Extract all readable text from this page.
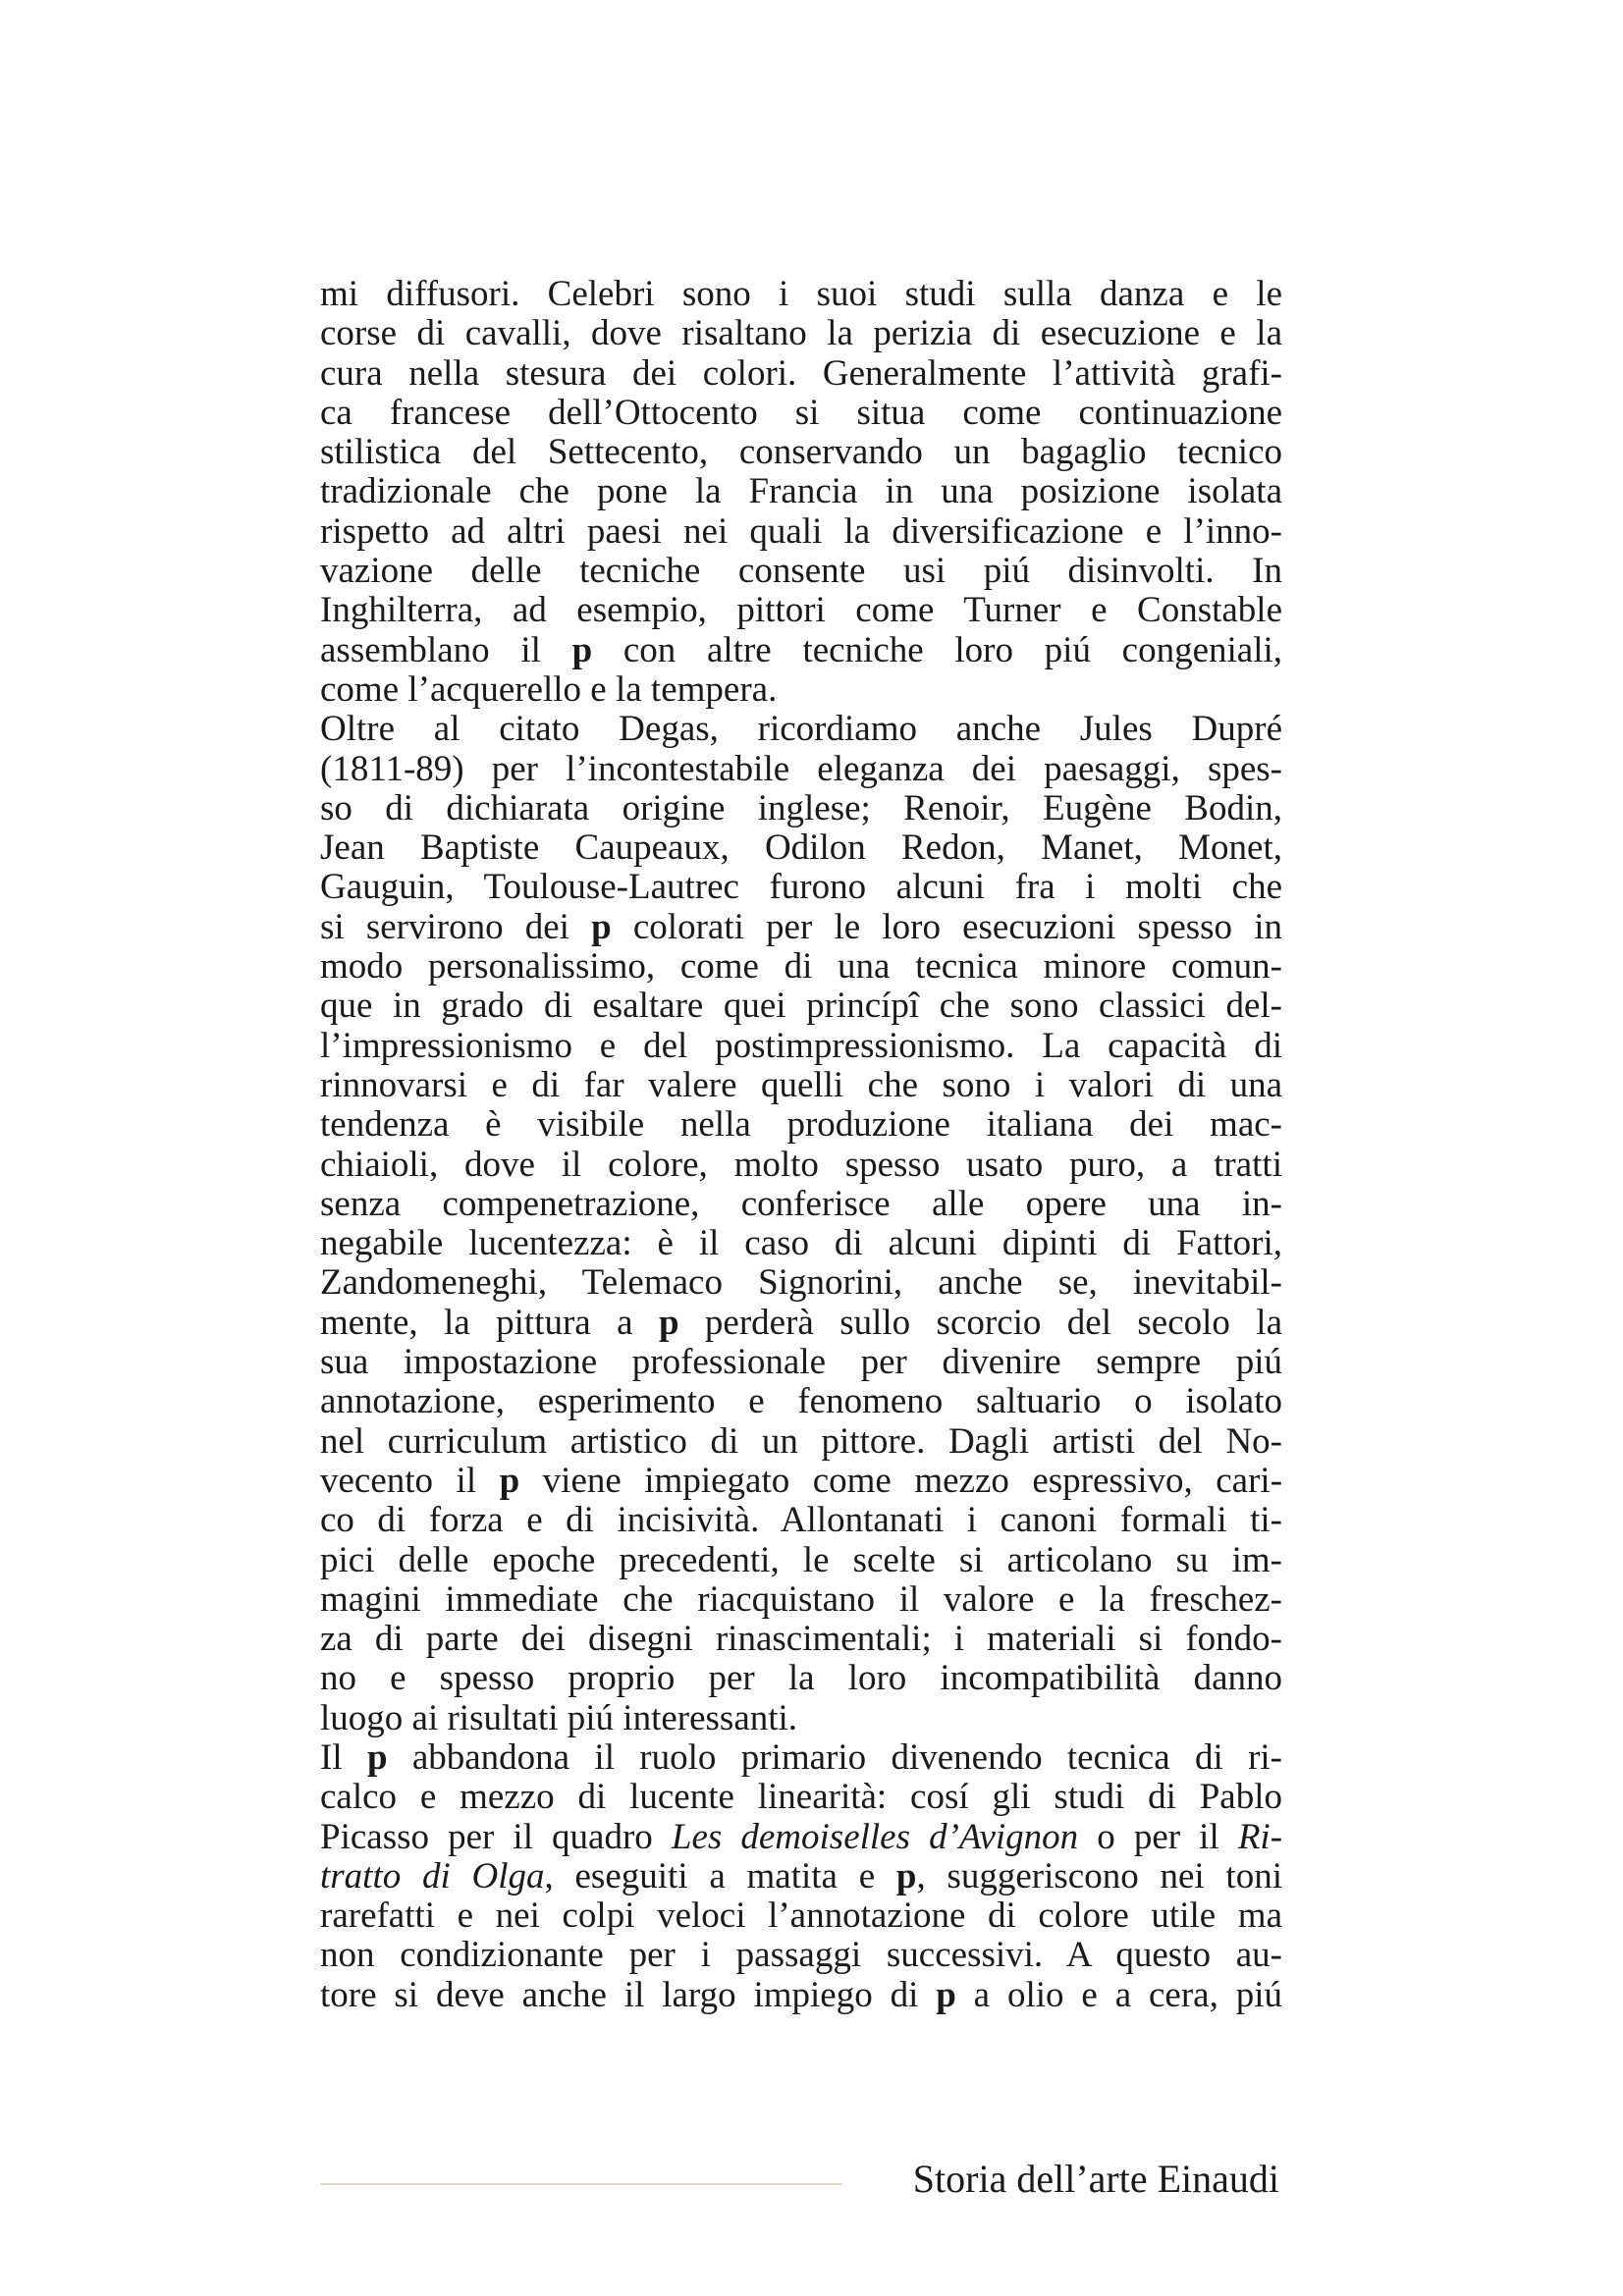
mi diffusori. Celebri sono i suoi studi sulla danza e le
corse di cavalli, dove risaltano la perizia di esecuzione e la
cura nella stesura dei colori. Generalmente l’attività grafi-
ca francese dell’Ottocento si situa come continuazione
stilistica del Settecento, conservando un bagaglio tecnico
tradizionale che pone la Francia in una posizione isolata
rispetto ad altri paesi nei quali la diversificazione e l’inno-
vazione delle tecniche consente usi piú disinvolti. In
Inghilterra, ad esempio, pittori come Turner e Constable
assemblano il p con altre tecniche loro piú congeniali,
come l’acquerello e la tempera.
Oltre al citato Degas, ricordiamo anche Jules Dupré
(1811-89) per l’incontestabile eleganza dei paesaggi, spes-
so di dichiarata origine inglese; Renoir, Eugène Bodin,
Jean Baptiste Caupeaux, Odilon Redon, Manet, Monet,
Gauguin, Toulouse-Lautrec furono alcuni fra i molti che
si servirono dei p colorati per le loro esecuzioni spesso in
modo personalissimo, come di una tecnica minore comun-
que in grado di esaltare quei princípî che sono classici del-
l’impressionismo e del postimpressionismo. La capacità di
rinnovarsi e di far valere quelli che sono i valori di una
tendenza è visibile nella produzione italiana dei mac-
chiaioli, dove il colore, molto spesso usato puro, a tratti
senza compenetrazione, conferisce alle opere una in-
negabile lucentezza: è il caso di alcuni dipinti di Fattori,
Zandomeneghi, Telemaco Signorini, anche se, inevitabil-
mente, la pittura a p perderà sullo scorcio del secolo la
sua impostazione professionale per divenire sempre piú
annotazione, esperimento e fenomeno saltuario o isolato
nel curriculum artistico di un pittore. Dagli artisti del No-
vecento il p viene impiegato come mezzo espressivo, cari-
co di forza e di incisività. Allontanati i canoni formali ti-
pici delle epoche precedenti, le scelte si articolano su im-
magini immediate che riacquistano il valore e la freschez-
za di parte dei disegni rinascimentali; i materiali si fondo-
no e spesso proprio per la loro incompatibilità danno
luogo ai risultati piú interessanti.
Il p abbandona il ruolo primario divenendo tecnica di ri-
calco e mezzo di lucente linearità: cosí gli studi di Pablo
Picasso per il quadro Les demoiselles d’Avignon o per il Ri-
tratto di Olga, eseguiti a matita e p, suggeriscono nei toni
rarefatti e nei colpi veloci l’annotazione di colore utile ma
non condizionante per i passaggi successivi. A questo au-
tore si deve anche il largo impiego di p a olio e a cera, piú
Storia dell’arte Einaudi
